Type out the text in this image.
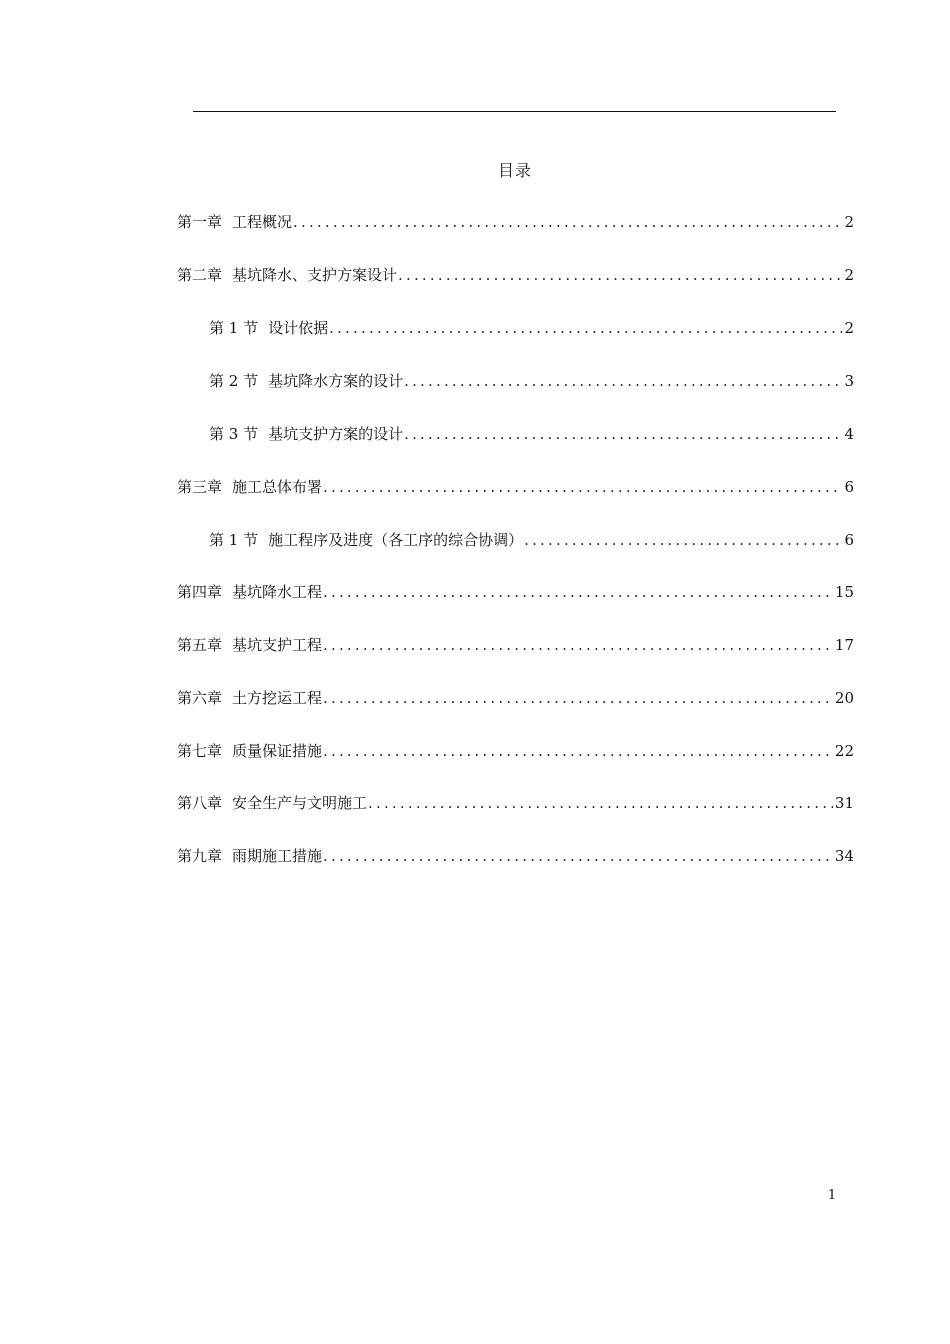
目录
第一章 工程概况 .....	2
第二章 基坑降水、支护方案设计 .....	2
第 1 节 设计依据 .....	2
第 2 节 基坑降水方案的设计 .....	3
第 3 节 基坑支护方案的设计 .....	4
第三章 施工总体布署 .....	6
第 1 节 施工程序及进度（各工序的综合协调） .....	6
第四章 基坑降水工程 .....	15
第五章 基坑支护工程 .....	17
第六章 土方挖运工程 .....	20
第七章 质量保证措施 .....	22
第八章 安全生产与文明施工 .....	31
第九章 雨期施工措施 .....	34
1
